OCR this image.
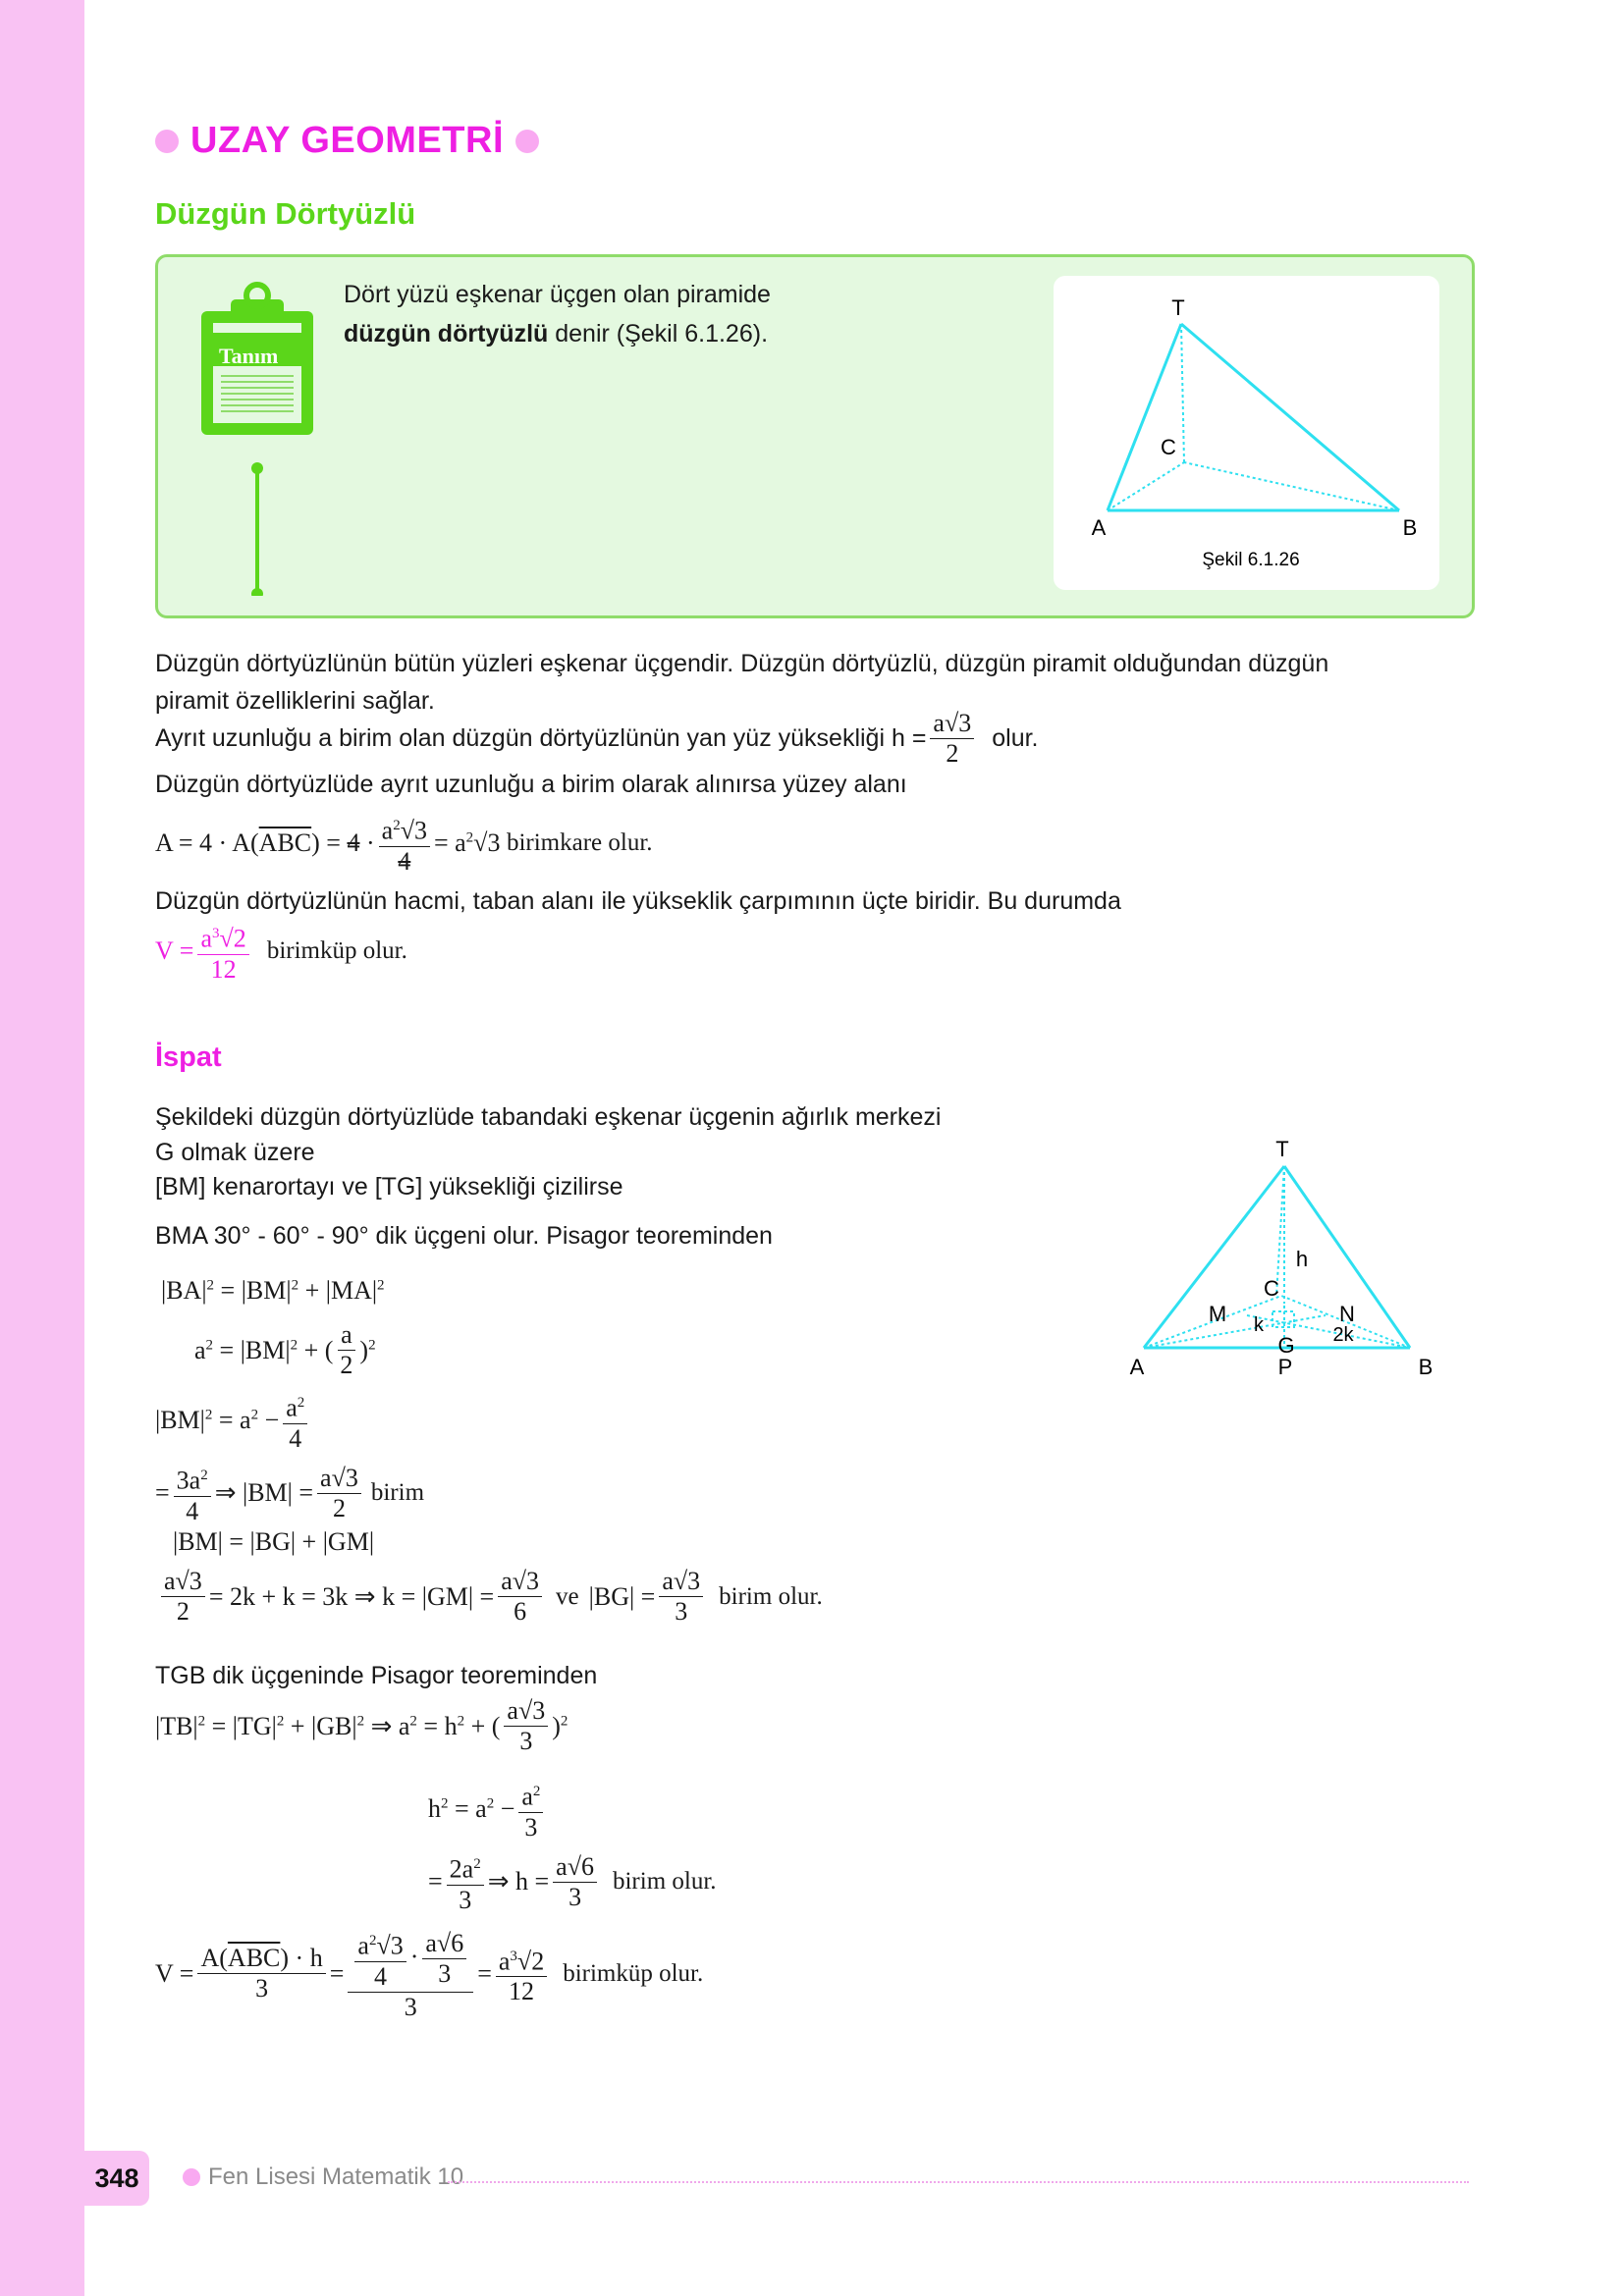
UZAY GEOMETRİ
Düzgün Dörtyüzlü
Tanım
Dört yüzü eşkenar üçgen olan piramide
düzgün dörtyüzlü denir (Şekil 6.1.26).
T
C
A	B
Şekil 6.1.26
Düzgün dörtyüzlünün bütün yüzleri eşkenar üçgendir. Düzgün dörtyüzlü, düzgün piramit olduğundan düzgün
piramit özelliklerini sağlar.
Ayrıt uzunluğu a birim olan düzgün dörtyüzlünün yan yüz yüksekliği $h = \frac{a√3}{2}$ olur.
Düzgün dörtyüzlüde ayrıt uzunluğu a birim olarak alınırsa yüzey alanı
$A = 4 \cdot A(\overline{ABC}) = 4 \cdot \frac{a^2√3}{4} = a^2√3$ birimkare olur.
Düzgün dörtyüzlünün hacmi, taban alanı ile yükseklik çarpımının üçte biridir. Bu durumda
$V = \frac{a^3√2}{12}$ birimküp olur.
İspat
Şekildeki düzgün dörtyüzlüde tabandaki eşkenar üçgenin ağırlık merkezi
G olmak üzere
[BM] kenarortayı ve [TG] yüksekliği çizilirse
BMA 30° - 60° - 90° dik üçgeni olur. Pisagor teoreminden
$|BA|^2 = |BM|^2 + |MA|^2$
$a^2 = |BM|^2$ + ( $\frac{a}{2} )^2$
$|BM|^2 = a^2 - \frac{a^2}{4}$
= $\frac{3a^2}{4}$ ⇒ $|BM| = \frac{a√3}{2}$ birim
|BM| = |BG| + |GM|
$\frac{a√3}{2} = 2k + k = 3k$ ⇒ $k = |GM| = \frac{a√3}{6}$ ve $|BG| = \frac{a√3}{3}$ birim olur.
TGB dik üçgeninde Pisagor teoreminden
$|TB|^2 = |TG|^2 + |GB|^2$ ⇒ $a^2 = h^2$ + ( $\frac{a√3}{3} )^2$
$h^2 = a^2 - \frac{a^2}{3}$
= $\frac{2a^2}{3}$ ⇒ $h = \frac{a√6}{3}$ birim olur.
$V = \frac{A(\overline{ABC}) \cdot h}{3} = \frac{\frac{a^2√3}{4} \cdot \frac{a√6}{3}}{3} = \frac{a^3√2}{12}$ birimküp olur.
T
h
C
M k	N
G 2k
A	P	B
348	Fen Lisesi Matematik 10
